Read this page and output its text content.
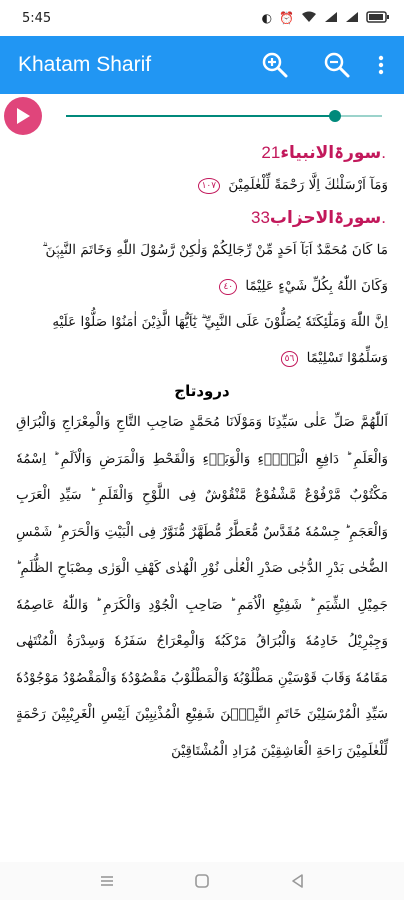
5:45	◐ ⏰
Khatam Sharif
سورۃالانبیاء21.
وَمَآ اَرْسَلْنٰكَ اِلَّا رَحْمَةً لِّلْعٰلَمِيْنَ ١٠٧
سورۃالاحزاب33.
مَا كَانَ مُحَمَّدٌ اَبَآ اَحَدٍ مِّنْ رِّجَالِكُمْ وَلٰكِنْ رَّسُوْلَ اللّٰهِ وَخَاتَمَ النَّبِيّٖنَ ۗ وَكَانَ اللّٰهُ بِكُلِّ شَيْءٍ عَلِيْمًا ٤٠
اِنَّ اللّٰهَ وَمَلٰٓئِكَتَهٗ يُصَلُّوْنَ عَلَى النَّبِيِّ ۗ يٰٓاَيُّهَا الَّذِيْنَ اٰمَنُوْا صَلُّوْا عَلَيْهِ وَسَلِّمُوْا تَسْلِيْمًا ٥٦
درودتاج
اَللّٰهُمَّ صَلِّ عَلٰى سَيِّدِنَا وَمَوْلَانَا مُحَمَّدٍ صَاحِبِ التَّاجِ وَالْمِعْرَاجِ وَالْبُرَاقِ وَالْعَلَمِ ؕ دَافِعِ الْبَلَاۗءِ وَالْوَبَاۗءِ وَالْقَحْطِ وَالْمَرَضِ وَالْاَلَمِ ؕ اِسْمُهٗ مَكْتُوْبٌ مَّرْفُوْعٌ مَّشْفُوْعٌ مَّنْقُوْشٌ فِى اللَّوْحِ وَالْقَلَمِ ؕ سَيِّدِ الْعَرَبِ وَالْعَجَمِ ؕ جِسْمُهٗ مُقَدَّسٌ مُّعَطَّرٌ مُّطَهَّرٌ مُّنَوَّرٌ فِى الْبَيْتِ وَالْحَرَمِ ؕ شَمْسِ الضُّحٰى بَدْرِ الدُّجٰى صَدْرِ الْعُلٰى نُوْرِ الْهُدٰى كَهْفِ الْوَرٰى مِصْبَاحِ الظُّلَمِ ؕ جَمِيْلِ الشِّيَمِ ؕ شَفِيْعِ الْاُمَمِ ؕ صَاحِبِ الْجُوْدِ وَالْكَرَمِ ؕ وَاللّٰهُ عَاصِمُهٗ وَجِبْرِيْلُ خَادِمُهٗ وَالْبُرَاقُ مَرْكَبُهٗ وَالْمِعْرَاجُ سَفَرُهٗ وَسِدْرَةُ الْمُنْتَهٰى مَقَامُهٗ وَقَابَ قَوْسَيْنِ مَطْلُوْبُهٗ وَالْمَطْلُوْبُ مَقْصُوْدُهٗ وَالْمَقْصُوْدُ مَوْجُوْدُهٗ سَيِّدِ الْمُرْسَلِيْنَ خَاتَمِ النَّبِيّٖنَ شَفِيْعِ الْمُذْنِبِيْنَ اَنِيْسِ الْغَرِيْبِيْنَ رَحْمَةٍ لِّلْعٰلَمِيْنَ رَاحَةِ الْعَاشِقِيْنَ مُرَادِ الْمُشْتَاقِيْنَ
